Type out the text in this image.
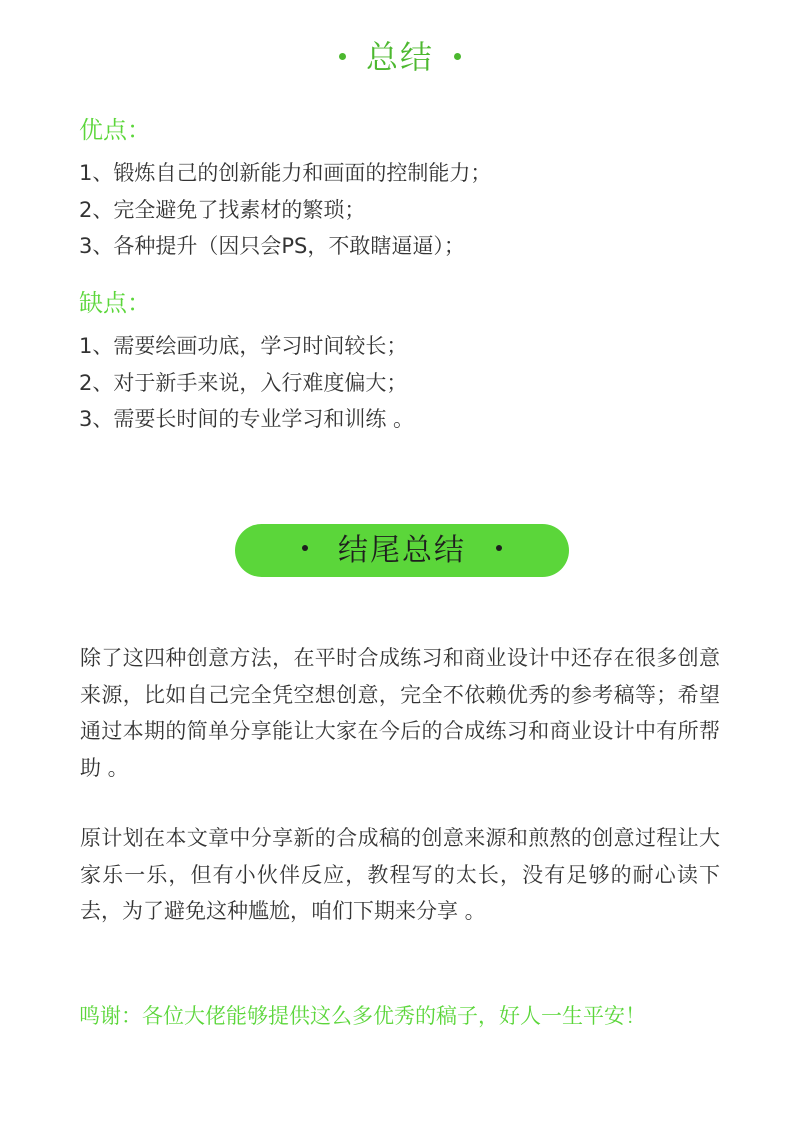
总结
优点：
1、锻炼自己的创新能力和画面的控制能力；
2、完全避免了找素材的繁琐；
3、各种提升（因只会PS，不敢瞎逼逼）；
缺点：
1、需要绘画功底，学习时间较长；
2、对于新手来说，入行难度偏大；
3、需要长时间的专业学习和训练 。
结尾总结

除了这四种创意方法，在平时合成练习和商业设计中还存在很多创意来源，比如自己完全凭空想创意，完全不依赖优秀的参考稿等；希望通过本期的简单分享能让大家在今后的合成练习和商业设计中有所帮助 。

原计划在本文章中分享新的合成稿的创意来源和煎熬的创意过程让大家乐一乐，但有小伙伴反应，教程写的太长，没有足够的耐心读下去，为了避免这种尴尬，咱们下期来分享 。

鸣谢：各位大佬能够提供这么多优秀的稿子，好人一生平安！
